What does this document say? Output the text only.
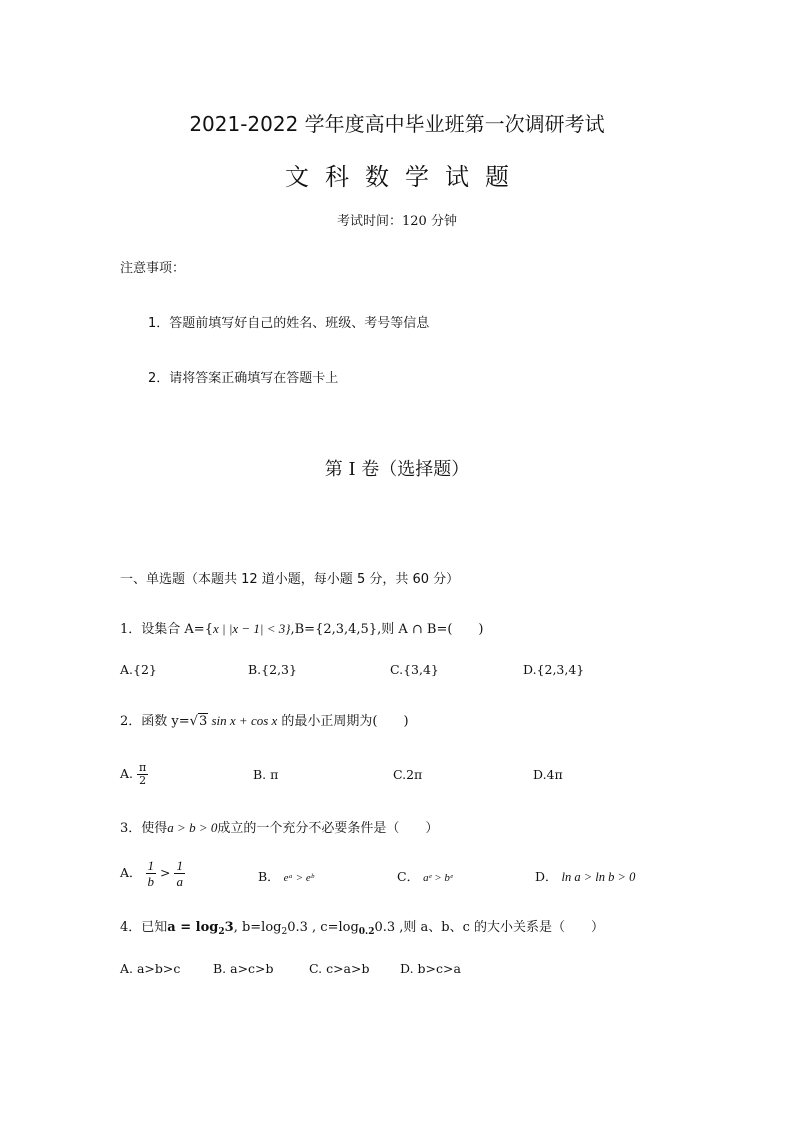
2021-2022 学年度高中毕业班第一次调研考试
文科数学试题
考试时间：120 分钟
注意事项：
1．答题前填写好自己的姓名、班级、考号等信息
2．请将答案正确填写在答题卡上
第 I 卷（选择题）
一、单选题（本题共 12 道小题，每小题 5 分，共 60 分）
1．设集合 A={x | |x − 1| < 3},B={2,3,4,5},则 A ∩ B=(　　)
A.{2}	B.{2,3}	C.{3,4}	D.{2,3,4}
2．函数 y=√3 sin x + cos x 的最小正周期为(　　)
A. $\frac{\pi}{2}$	B. π	C.2π	D.4π
3．使得a > b > 0成立的一个充分不必要条件是（　　）
A． $\frac{1}{b} > \frac{1}{a}$	B． eᵃ > eᵇ	C． aᵉ > bᵉ	D． ln a > ln b > 0
4．已知$a = \log_23$, $b=\log_20.3$ , $c=\log_{0.2}0.3$ ,则 a、b、c 的大小关系是（　　）
A. a>b>c	B. a>c>b	C. c>a>b D. b>c>a
